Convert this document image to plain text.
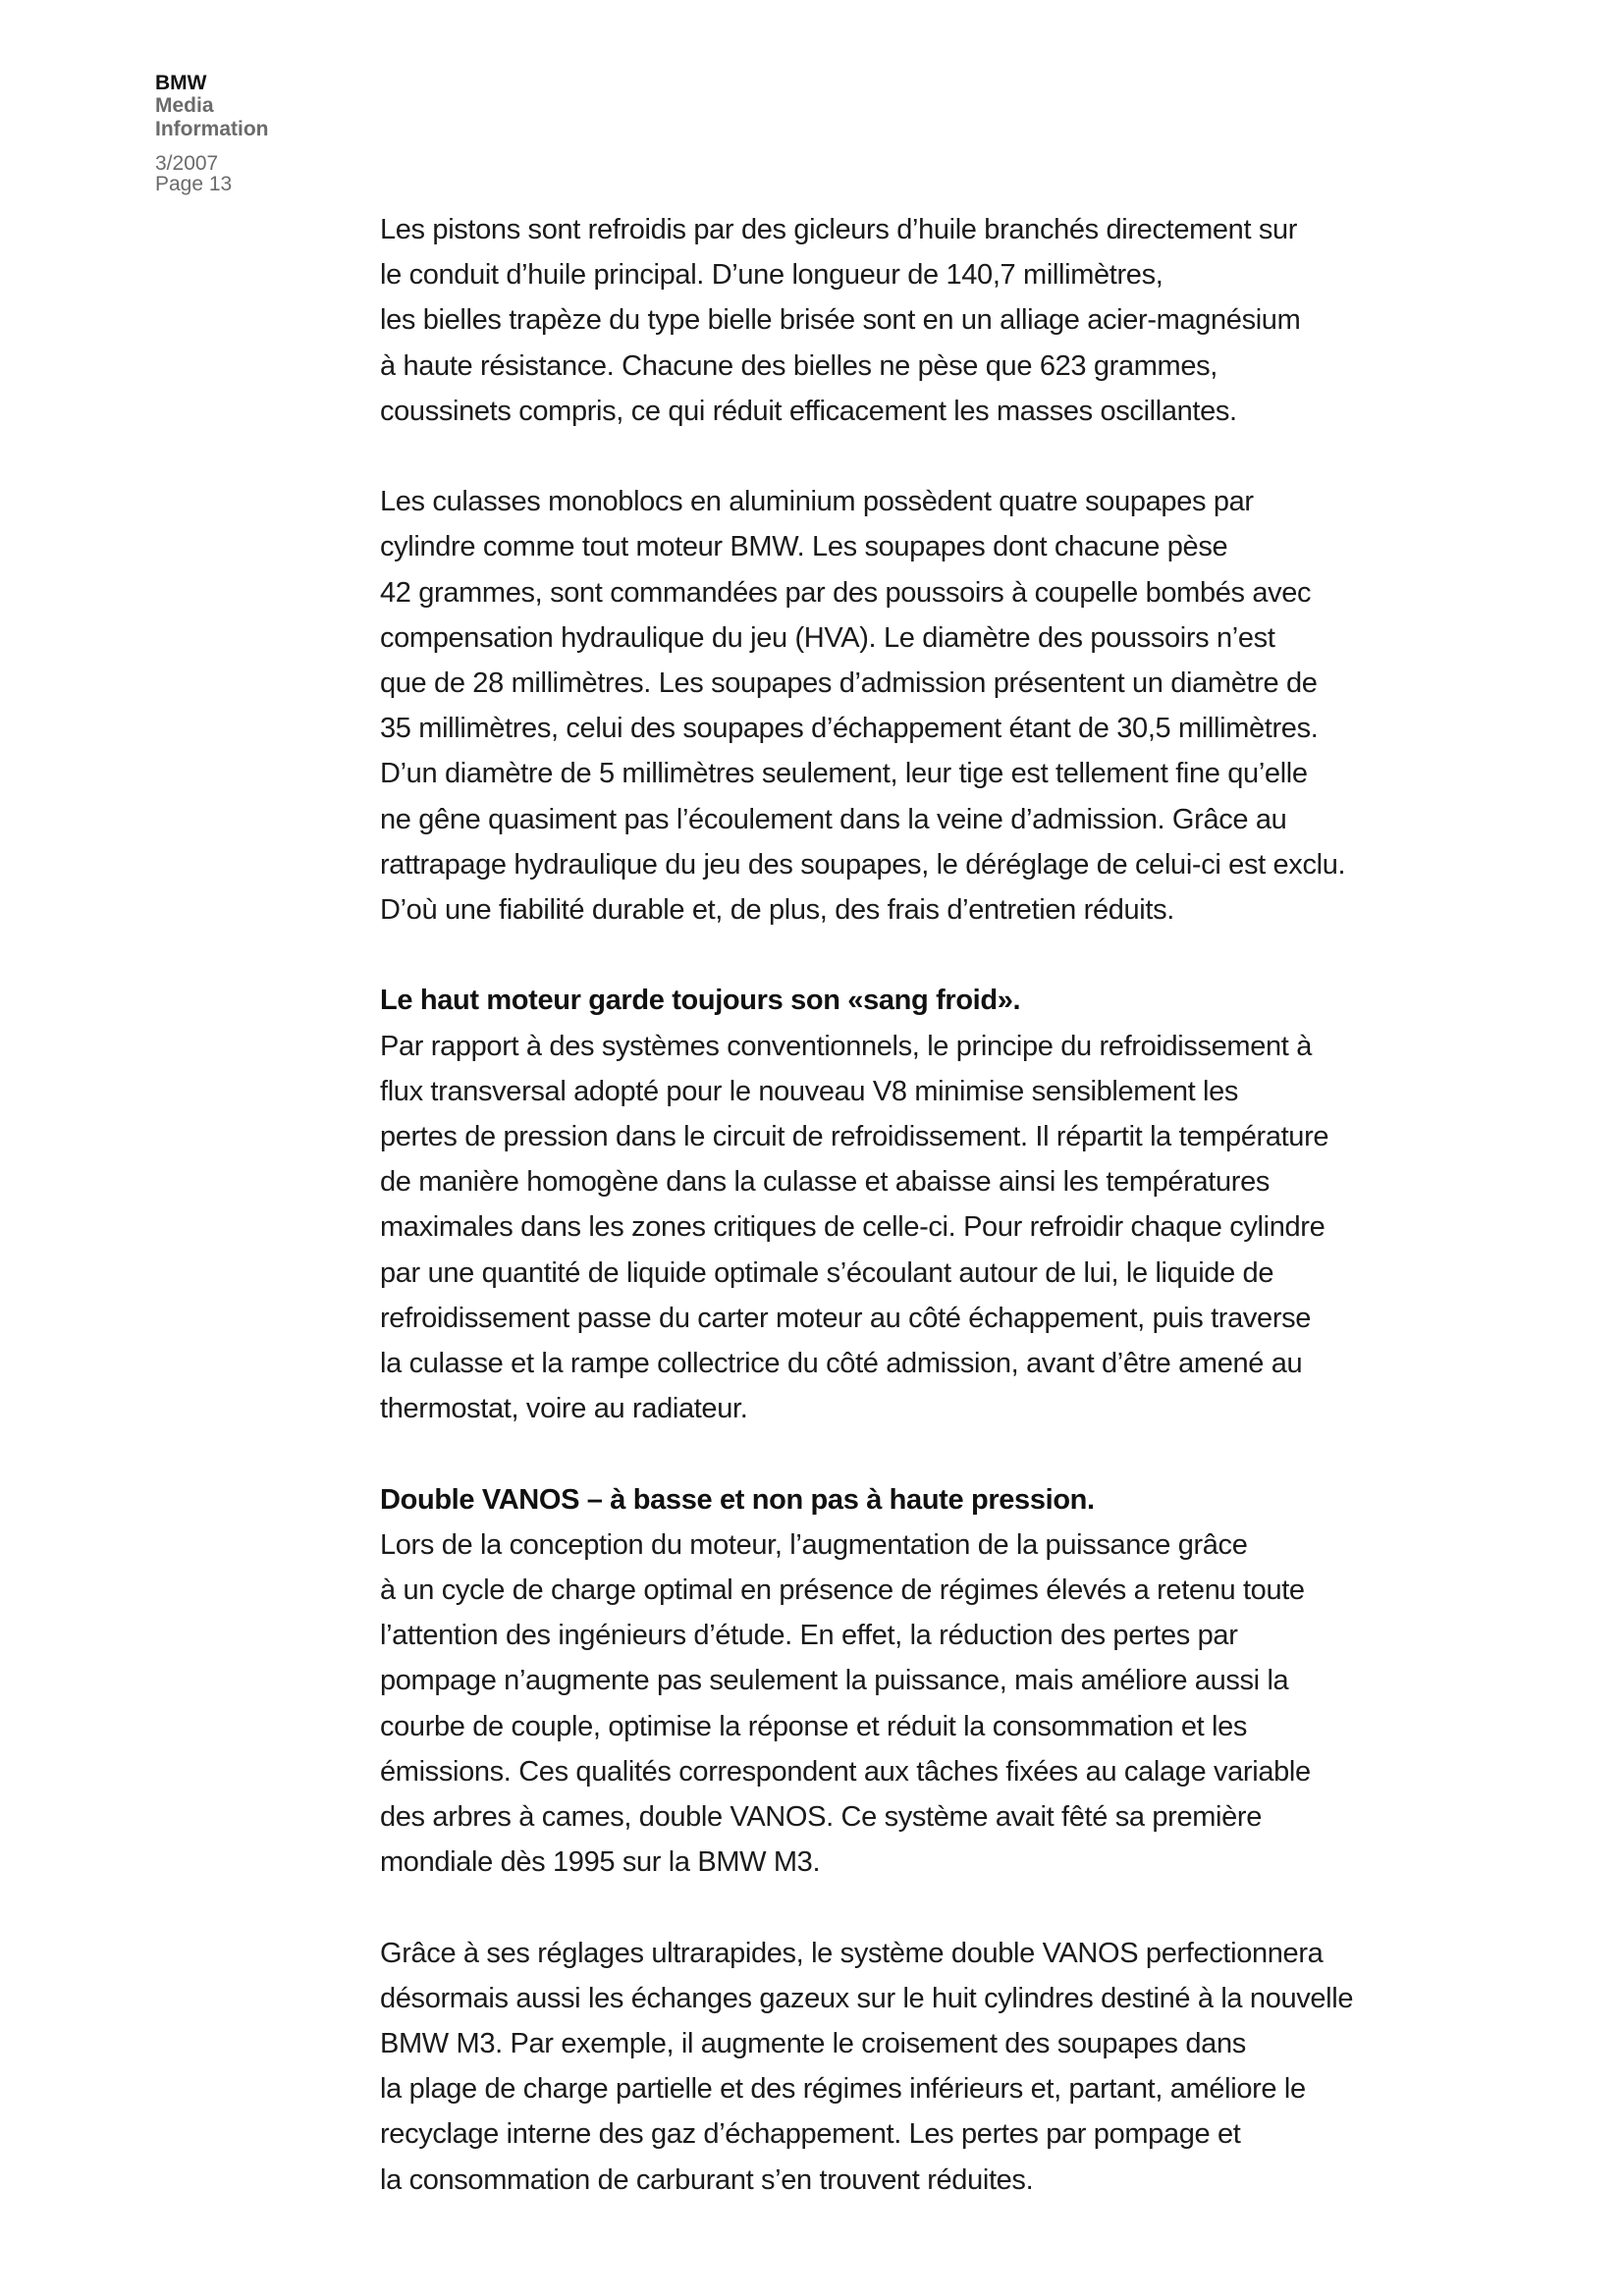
BMW
Media
Information
3/2007
Page 13
Les pistons sont refroidis par des gicleurs d’huile branchés directement sur
le conduit d’huile principal. D’une longueur de 140,7 millimètres,
les bielles trapèze du type bielle brisée sont en un alliage acier-magnésium
à haute résistance. Chacune des bielles ne pèse que 623 grammes,
coussinets compris, ce qui réduit efficacement les masses oscillantes.
Les culasses monoblocs en aluminium possèdent quatre soupapes par
cylindre comme tout moteur BMW. Les soupapes dont chacune pèse
42 grammes, sont commandées par des poussoirs à coupelle bombés avec
compensation hydraulique du jeu (HVA). Le diamètre des poussoirs n’est
que de 28 millimètres. Les soupapes d’admission présentent un diamètre de
35 millimètres, celui des soupapes d’échappement étant de 30,5 millimètres.
D’un diamètre de 5 millimètres seulement, leur tige est tellement fine qu’elle
ne gêne quasiment pas l’écoulement dans la veine d’admission. Grâce au
rattrapage hydraulique du jeu des soupapes, le déréglage de celui-ci est exclu.
D’où une fiabilité durable et, de plus, des frais d’entretien réduits.
Le haut moteur garde toujours son «sang froid».
Par rapport à des systèmes conventionnels, le principe du refroidissement à
flux transversal adopté pour le nouveau V8 minimise sensiblement les
pertes de pression dans le circuit de refroidissement. Il répartit la température
de manière homogène dans la culasse et abaisse ainsi les températures
maximales dans les zones critiques de celle-ci. Pour refroidir chaque cylindre
par une quantité de liquide optimale s’écoulant autour de lui, le liquide de
refroidissement passe du carter moteur au côté échappement, puis traverse
la culasse et la rampe collectrice du côté admission, avant d’être amené au
thermostat, voire au radiateur.
Double VANOS – à basse et non pas à haute pression.
Lors de la conception du moteur, l’augmentation de la puissance grâce
à un cycle de charge optimal en présence de régimes élevés a retenu toute
l’attention des ingénieurs d’étude. En effet, la réduction des pertes par
pompage n’augmente pas seulement la puissance, mais améliore aussi la
courbe de couple, optimise la réponse et réduit la consommation et les
émissions. Ces qualités correspondent aux tâches fixées au calage variable
des arbres à cames, double VANOS. Ce système avait fêté sa première
mondiale dès 1995 sur la BMW M3.
Grâce à ses réglages ultrarapides, le système double VANOS perfectionnera
désormais aussi les échanges gazeux sur le huit cylindres destiné à la nouvelle
BMW M3. Par exemple, il augmente le croisement des soupapes dans
la plage de charge partielle et des régimes inférieurs et, partant, améliore le
recyclage interne des gaz d’échappement. Les pertes par pompage et
la consommation de carburant s’en trouvent réduites.
